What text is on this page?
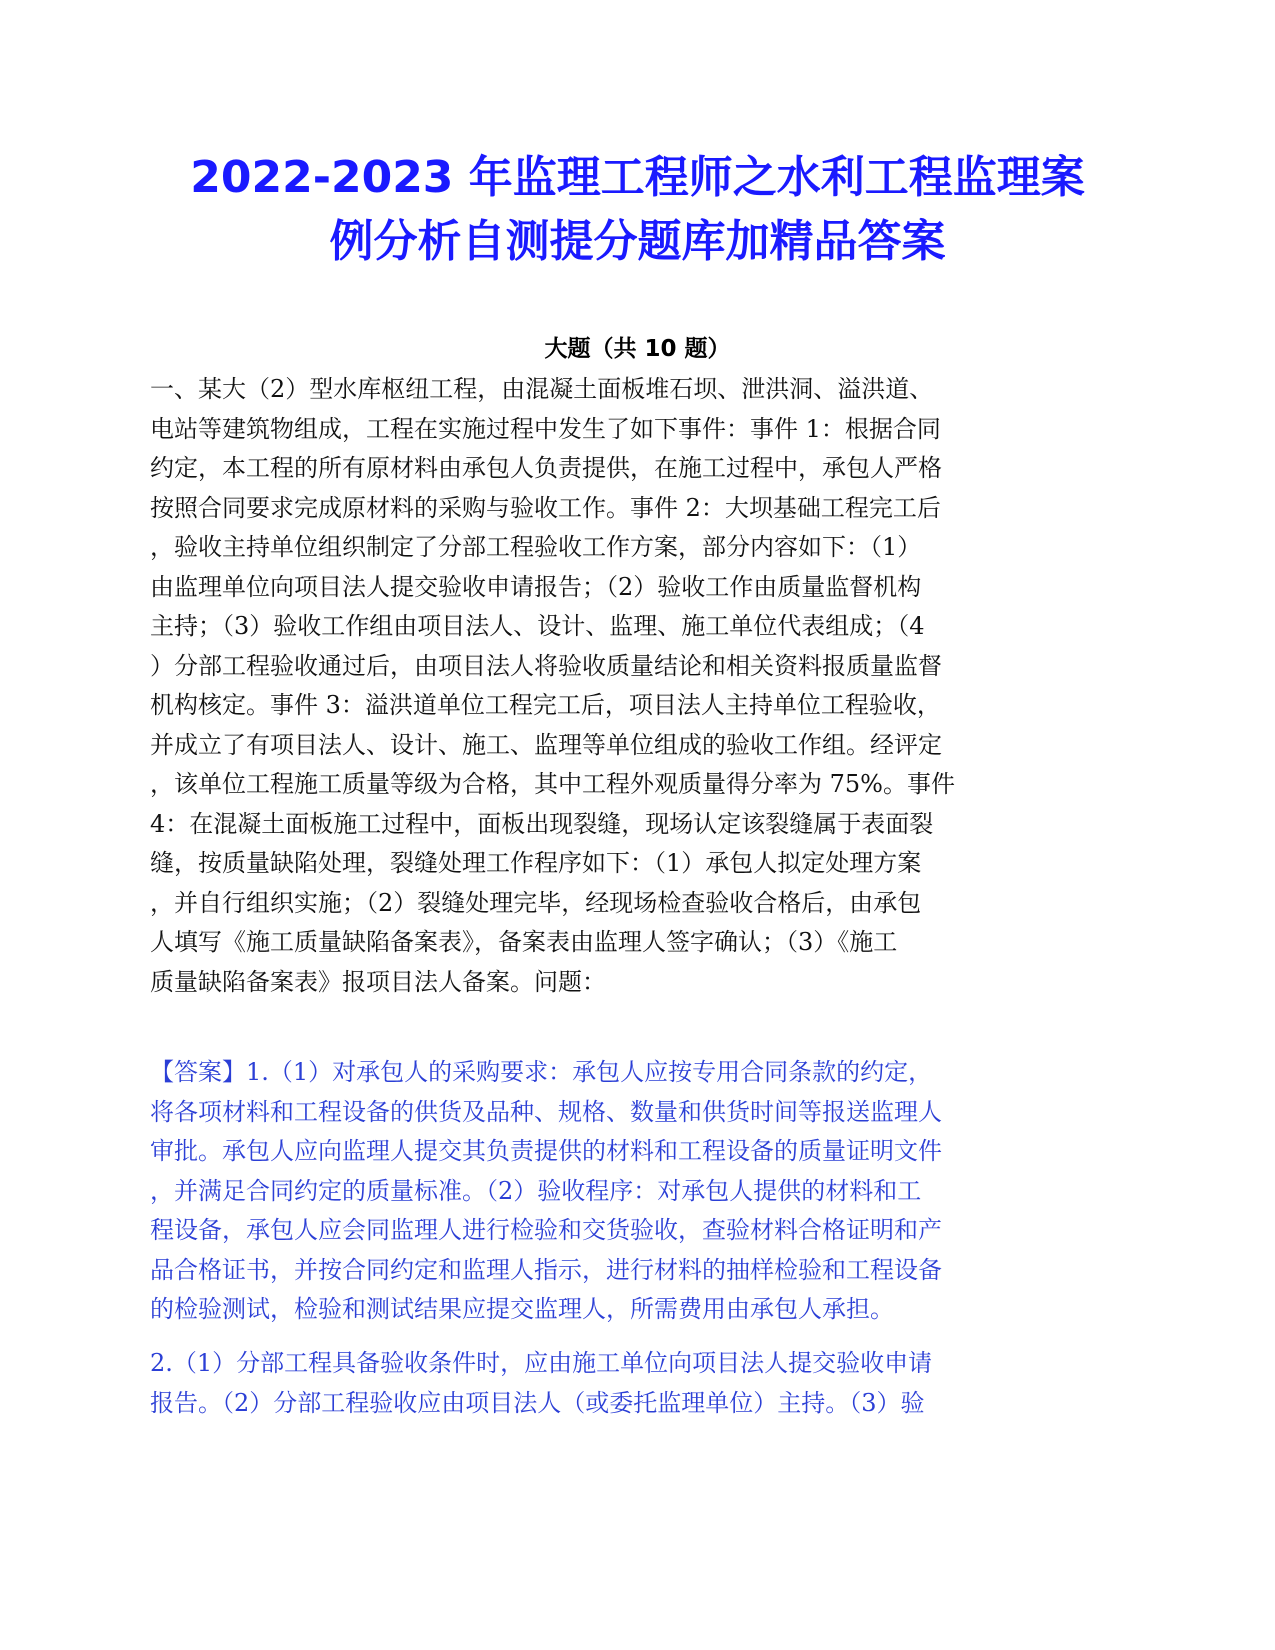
2022-2023 年监理工程师之水利工程监理案
例分析自测提分题库加精品答案
大题（共 10 题）
一、某大（2）型水库枢纽工程，由混凝土面板堆石坝、泄洪洞、溢洪道、
电站等建筑物组成，工程在实施过程中发生了如下事件：事件 1：根据合同
约定，本工程的所有原材料由承包人负责提供，在施工过程中，承包人严格
按照合同要求完成原材料的采购与验收工作。事件 2：大坝基础工程完工后
，验收主持单位组织制定了分部工程验收工作方案，部分内容如下：（1）
由监理单位向项目法人提交验收申请报告；（2）验收工作由质量监督机构
主持；（3）验收工作组由项目法人、设计、监理、施工单位代表组成；（4
）分部工程验收通过后，由项目法人将验收质量结论和相关资料报质量监督
机构核定。事件 3：溢洪道单位工程完工后，项目法人主持单位工程验收，
并成立了有项目法人、设计、施工、监理等单位组成的验收工作组。经评定
，该单位工程施工质量等级为合格，其中工程外观质量得分率为 75%。事件
4：在混凝土面板施工过程中，面板出现裂缝，现场认定该裂缝属于表面裂
缝，按质量缺陷处理，裂缝处理工作程序如下：（1）承包人拟定处理方案
，并自行组织实施；（2）裂缝处理完毕，经现场检查验收合格后，由承包
人填写《施工质量缺陷备案表》，备案表由监理人签字确认；（3）《施工
质量缺陷备案表》报项目法人备案。问题：
【答案】1.（1）对承包人的采购要求：承包人应按专用合同条款的约定，
将各项材料和工程设备的供货及品种、规格、数量和供货时间等报送监理人
审批。承包人应向监理人提交其负责提供的材料和工程设备的质量证明文件
，并满足合同约定的质量标准。（2）验收程序：对承包人提供的材料和工
程设备，承包人应会同监理人进行检验和交货验收，查验材料合格证明和产
品合格证书，并按合同约定和监理人指示，进行材料的抽样检验和工程设备
的检验测试，检验和测试结果应提交监理人，所需费用由承包人承担。
2.（1）分部工程具备验收条件时，应由施工单位向项目法人提交验收申请
报告。（2）分部工程验收应由项目法人（或委托监理单位）主持。（3）验
